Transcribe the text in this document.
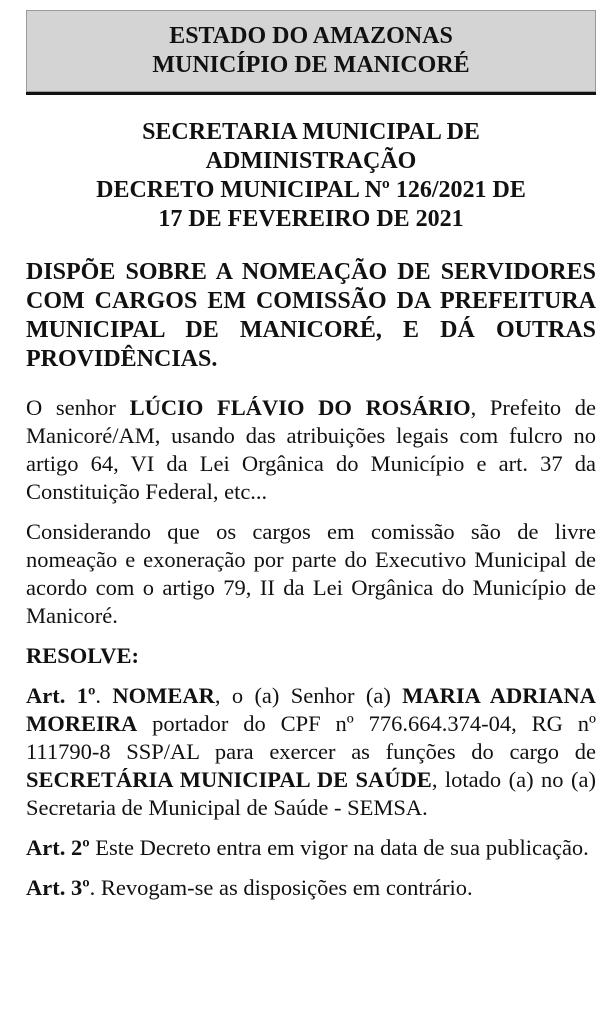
ESTADO DO AMAZONAS
MUNICÍPIO DE MANICORÉ
SECRETARIA MUNICIPAL DE
ADMINISTRAÇÃO
DECRETO MUNICIPAL Nº 126/2021 DE
17 DE FEVEREIRO DE 2021
DISPÕE SOBRE A NOMEAÇÃO DE SERVIDORES COM CARGOS EM COMISSÃO DA PREFEITURA MUNICIPAL DE MANICORÉ, E DÁ OUTRAS PROVIDÊNCIAS.

O senhor LÚCIO FLÁVIO DO ROSÁRIO, Prefeito de Manicoré/AM, usando das atribuições legais com fulcro no artigo 64, VI da Lei Orgânica do Município e art. 37 da Constituição Federal, etc...

Considerando que os cargos em comissão são de livre nomeação e exoneração por parte do Executivo Municipal de acordo com o artigo 79, II da Lei Orgânica do Município de Manicoré.

RESOLVE:

Art. 1º. NOMEAR, o (a) Senhor (a) MARIA ADRIANA MOREIRA portador do CPF nº 776.664.374-04, RG nº 111790-8 SSP/AL para exercer as funções do cargo de SECRETÁRIA MUNICIPAL DE SAÚDE, lotado (a) no (a) Secretaria de Municipal de Saúde - SEMSA.

Art. 2º Este Decreto entra em vigor na data de sua publicação.

Art. 3º. Revogam-se as disposições em contrário.
